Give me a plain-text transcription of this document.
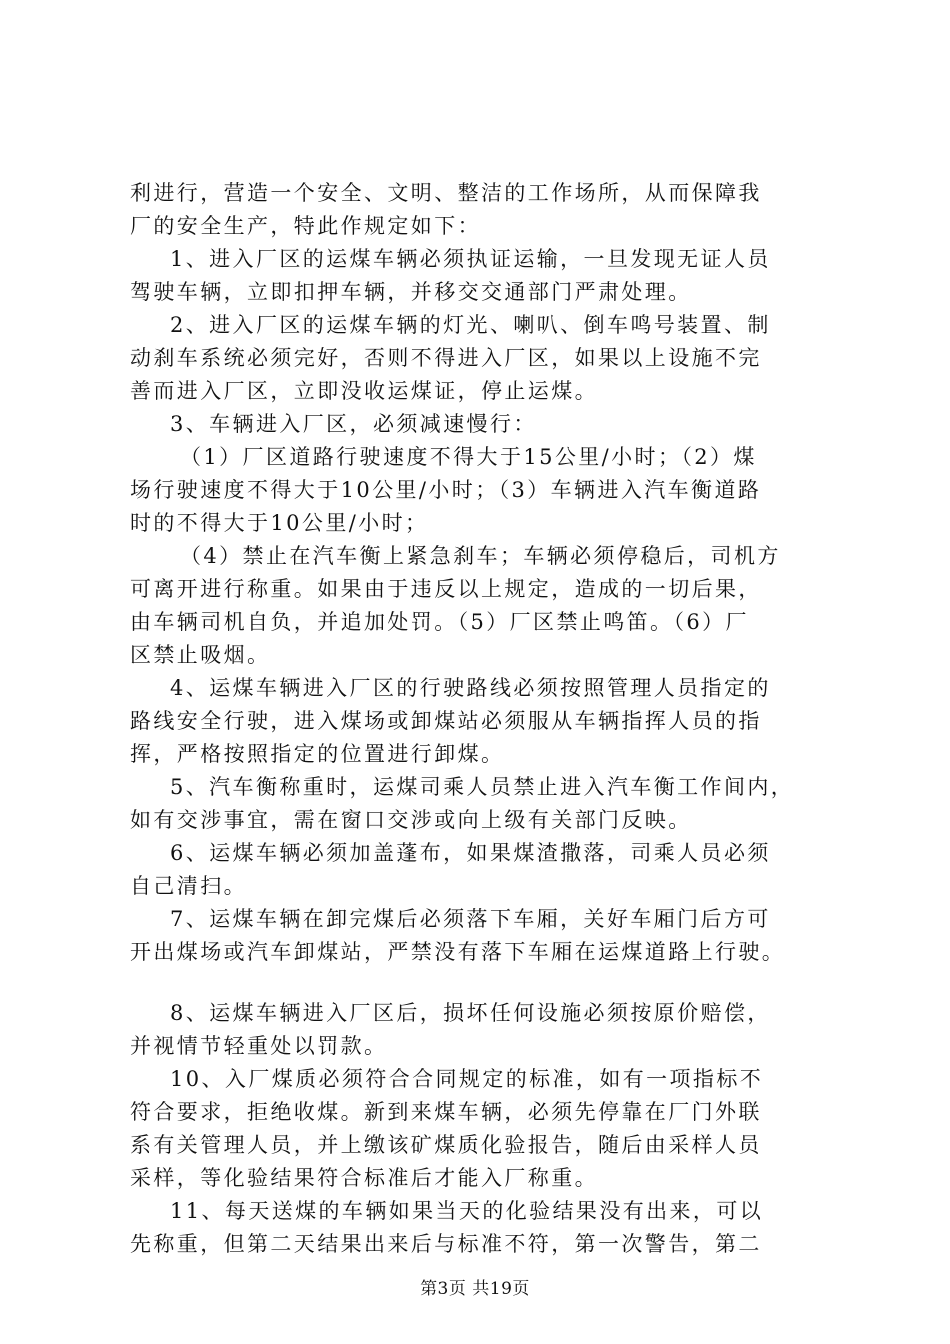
利进行，营造一个安全、文明、整洁的工作场所，从而保障我
厂的安全生产，特此作规定如下：
1、进入厂区的运煤车辆必须执证运输，一旦发现无证人员
驾驶车辆，立即扣押车辆，并移交交通部门严肃处理。
2、进入厂区的运煤车辆的灯光、喇叭、倒车鸣号装置、制
动刹车系统必须完好，否则不得进入厂区，如果以上设施不完
善而进入厂区，立即没收运煤证，停止运煤。
3、车辆进入厂区，必须减速慢行：
（1）厂区道路行驶速度不得大于15公里/小时；（2）煤
场行驶速度不得大于10公里/小时；（3）车辆进入汽车衡道路
时的不得大于10公里/小时；
（4）禁止在汽车衡上紧急刹车；车辆必须停稳后，司机方
可离开进行称重。如果由于违反以上规定，造成的一切后果，
由车辆司机自负，并追加处罚。（5）厂区禁止鸣笛。（6）厂
区禁止吸烟。
4、运煤车辆进入厂区的行驶路线必须按照管理人员指定的
路线安全行驶，进入煤场或卸煤站必须服从车辆指挥人员的指
挥，严格按照指定的位置进行卸煤。
5、汽车衡称重时，运煤司乘人员禁止进入汽车衡工作间内，
如有交涉事宜，需在窗口交涉或向上级有关部门反映。
6、运煤车辆必须加盖蓬布，如果煤渣撒落，司乘人员必须
自己清扫。
7、运煤车辆在卸完煤后必须落下车厢，关好车厢门后方可
开出煤场或汽车卸煤站，严禁没有落下车厢在运煤道路上行驶。
8、运煤车辆进入厂区后，损坏任何设施必须按原价赔偿，
并视情节轻重处以罚款。
10、入厂煤质必须符合合同规定的标准，如有一项指标不
符合要求，拒绝收煤。新到来煤车辆，必须先停靠在厂门外联
系有关管理人员，并上缴该矿煤质化验报告，随后由采样人员
采样，等化验结果符合标准后才能入厂称重。
11、每天送煤的车辆如果当天的化验结果没有出来，可以
先称重，但第二天结果出来后与标准不符，第一次警告，第二
第3页 共19页
